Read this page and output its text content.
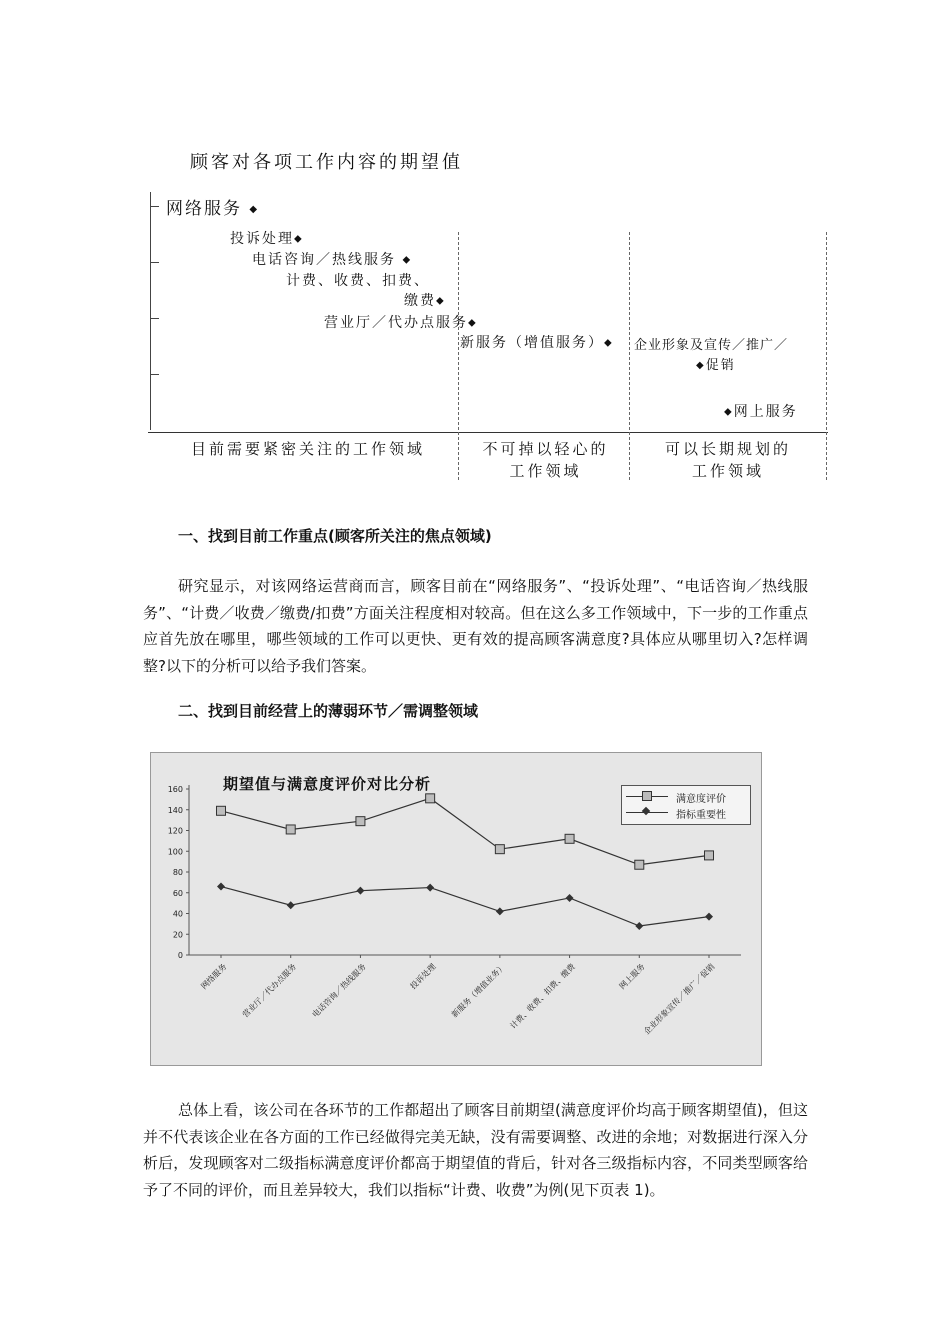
顾客对各项工作内容的期望值
网络服务 ◆
投诉处理◆
电话咨询／热线服务 ◆
计费、收费、扣费、
缴费◆
营业厅／代办点服务◆
新服务（增值服务）◆ 企业形象及宣传／推广／
◆促销
◆网上服务
目前需要紧密关注的工作领域	不可掉以轻心的
工作领域
可以长期规划的
工作领域
一、找到目前工作重点(顾客所关注的焦点领域)
研究显示，对该网络运营商而言，顾客目前在“网络服务”、“投诉处理”、“电话咨询／热线服务”、“计费／收费／缴费/扣费”方面关注程度相对较高。但在这么多工作领域中，下一步的工作重点应首先放在哪里，哪些领域的工作可以更快、更有效的提高顾客满意度?具体应从哪里切入?怎样调整?以下的分析可以给予我们答案。
二、找到目前经营上的薄弱环节／需调整领域
0
20
40
60
80
100
120
140
160
网络服务 营业厅／代办点服务 电话咨询／热线服务	投诉处理 新服务（增值业务） 计费、收费、扣费、缴费	网上服务
企业形象宣传／推广／促销
期望值与满意度评价对比分析
满意度评价
指标重要性
总体上看，该公司在各环节的工作都超出了顾客目前期望(满意度评价均高于顾客期望值)，但这并不代表该企业在各方面的工作已经做得完美无缺，没有需要调整、改进的余地；对数据进行深入分析后，发现顾客对二级指标满意度评价都高于期望值的背后，针对各三级指标内容，不同类型顾客给予了不同的评价，而且差异较大，我们以指标“计费、收费”为例(见下页表 1)。
